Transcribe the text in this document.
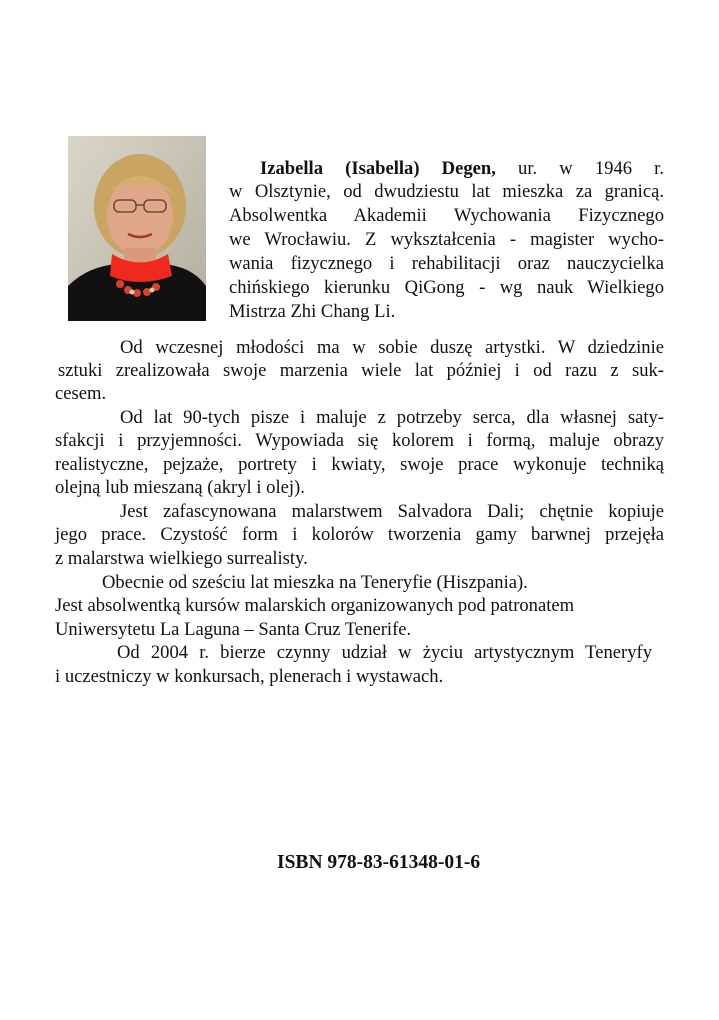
Izabella (Isabella) Degen, ur. w 1946 r.
w Olsztynie, od dwudziestu lat mieszka za granicą.
Absolwentka Akademii Wychowania Fizycznego
we Wrocławiu. Z wykształcenia - magister wycho-
wania fizycznego i rehabilitacji oraz nauczycielka
chińskiego kierunku QiGong - wg nauk Wielkiego
Mistrza Zhi Chang Li.
Od wczesnej młodości ma w sobie duszę artystki. W dziedzinie
sztuki zrealizowała swoje marzenia wiele lat później i od razu z suk-
cesem.
Od lat 90-tych pisze i maluje z potrzeby serca, dla własnej saty-
sfakcji i przyjemności. Wypowiada się kolorem i formą, maluje obrazy
realistyczne, pejzaże, portrety i kwiaty, swoje prace wykonuje techniką
olejną lub mieszaną (akryl i olej).
Jest zafascynowana malarstwem Salvadora Dali; chętnie kopiuje
jego prace. Czystość form i kolorów tworzenia gamy barwnej przejęła
z malarstwa wielkiego surrealisty.
Obecnie od sześciu lat mieszka na Teneryfie (Hiszpania).
Jest absolwentką kursów malarskich organizowanych pod patronatem
Uniwersytetu La Laguna – Santa Cruz Tenerife.
Od 2004 r. bierze czynny udział w życiu artystycznym Teneryfy
i uczestniczy w konkursach, plenerach i wystawach.
ISBN 978-83-61348-01-6
